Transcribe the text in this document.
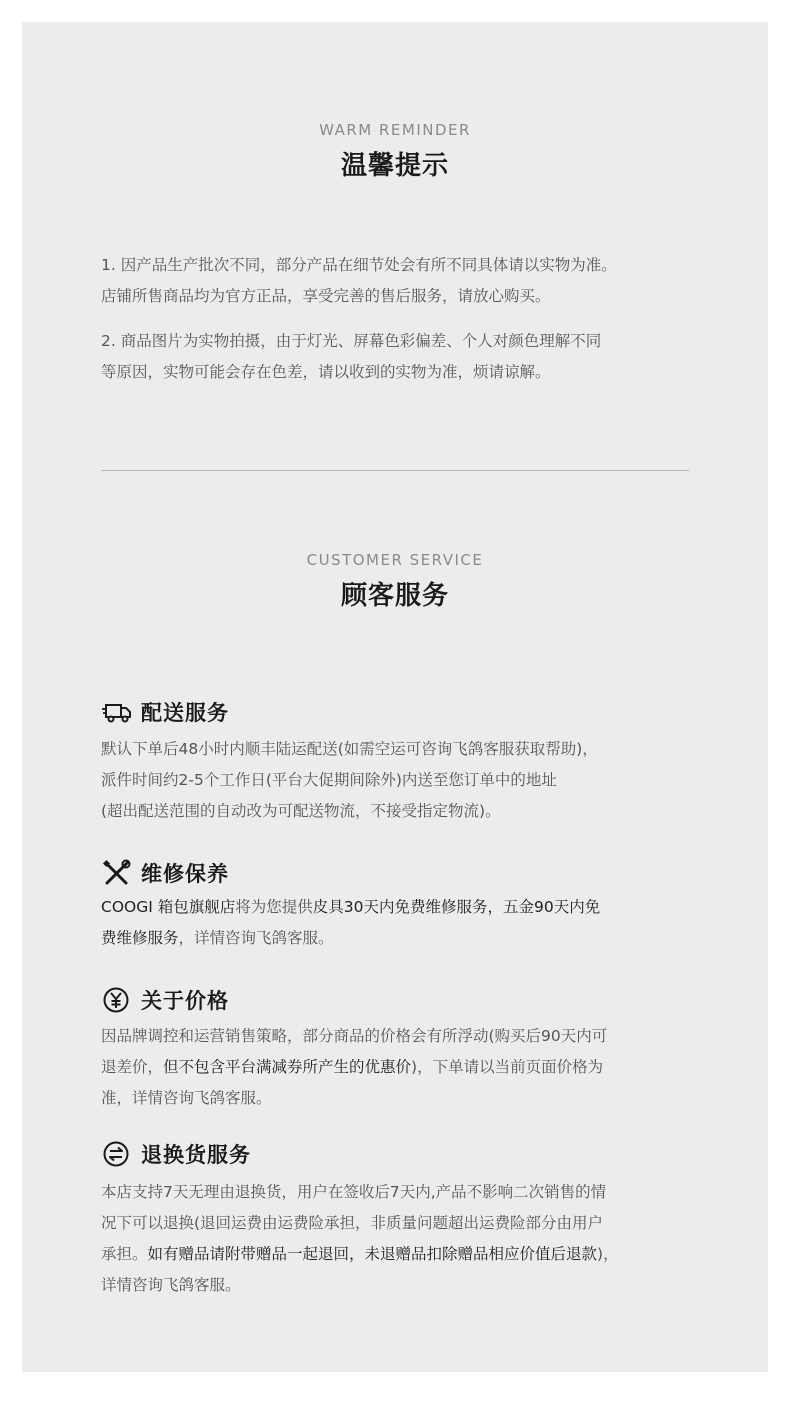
WARM REMINDER
温馨提示

1. 因产品生产批次不同，部分产品在细节处会有所不同具体请以实物为准。
店铺所售商品均为官方正品，享受完善的售后服务，请放心购买。

2. 商品图片为实物拍摄，由于灯光、屏幕色彩偏差、个人对颜色理解不同
等原因，实物可能会存在色差，请以收到的实物为准，烦请谅解。

CUSTOMER SERVICE
顾客服务
配送服务
默认下单后48小时内顺丰陆运配送(如需空运可咨询飞鸽客服获取帮助)，
派件时间约2-5个工作日(平台大促期间除外)内送至您订单中的地址
(超出配送范围的自动改为可配送物流，不接受指定物流)。
维修保养

COOGI 箱包旗舰店将为您提供皮具30天内免费维修服务，五金90天内免
费维修服务，详情咨询飞鸽客服。

关于价格

因品牌调控和运营销售策略，部分商品的价格会有所浮动(购买后90天内可
退差价，但不包含平台满减券所产生的优惠价)，下单请以当前页面价格为
准，详情咨询飞鸽客服。

退换货服务

本店支持7天无理由退换货，用户在签收后7天内,产品不影响二次销售的情
况下可以退换(退回运费由运费险承担，非质量问题超出运费险部分由用户
承担。如有赠品请附带赠品一起退回，未退赠品扣除赠品相应价值后退款)，
详情咨询飞鸽客服。
